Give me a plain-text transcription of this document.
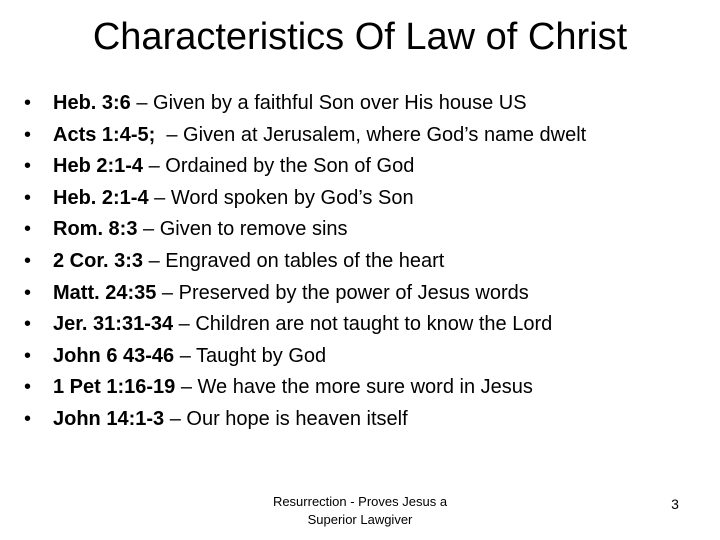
Characteristics Of Law of Christ
•	Heb. 3:6 – Given by a faithful Son over His house US
•	Acts 1:4-5; – Given at Jerusalem, where God’s name dwelt
•	Heb 2:1-4 – Ordained by the Son of God
•	Heb. 2:1-4 – Word spoken by God’s Son
•	Rom. 8:3 – Given to remove sins
•	2 Cor. 3:3 – Engraved on tables of the heart
•	Matt. 24:35 – Preserved by the power of Jesus words
•	Jer. 31:31-34 – Children are not taught to know the Lord
•	John 6 43-46 – Taught by God
•	1 Pet 1:16-19 – We have the more sure word in Jesus
•	John 14:1-3 – Our hope is heaven itself
Resurrection - Proves Jesus a
Superior Lawgiver
3
